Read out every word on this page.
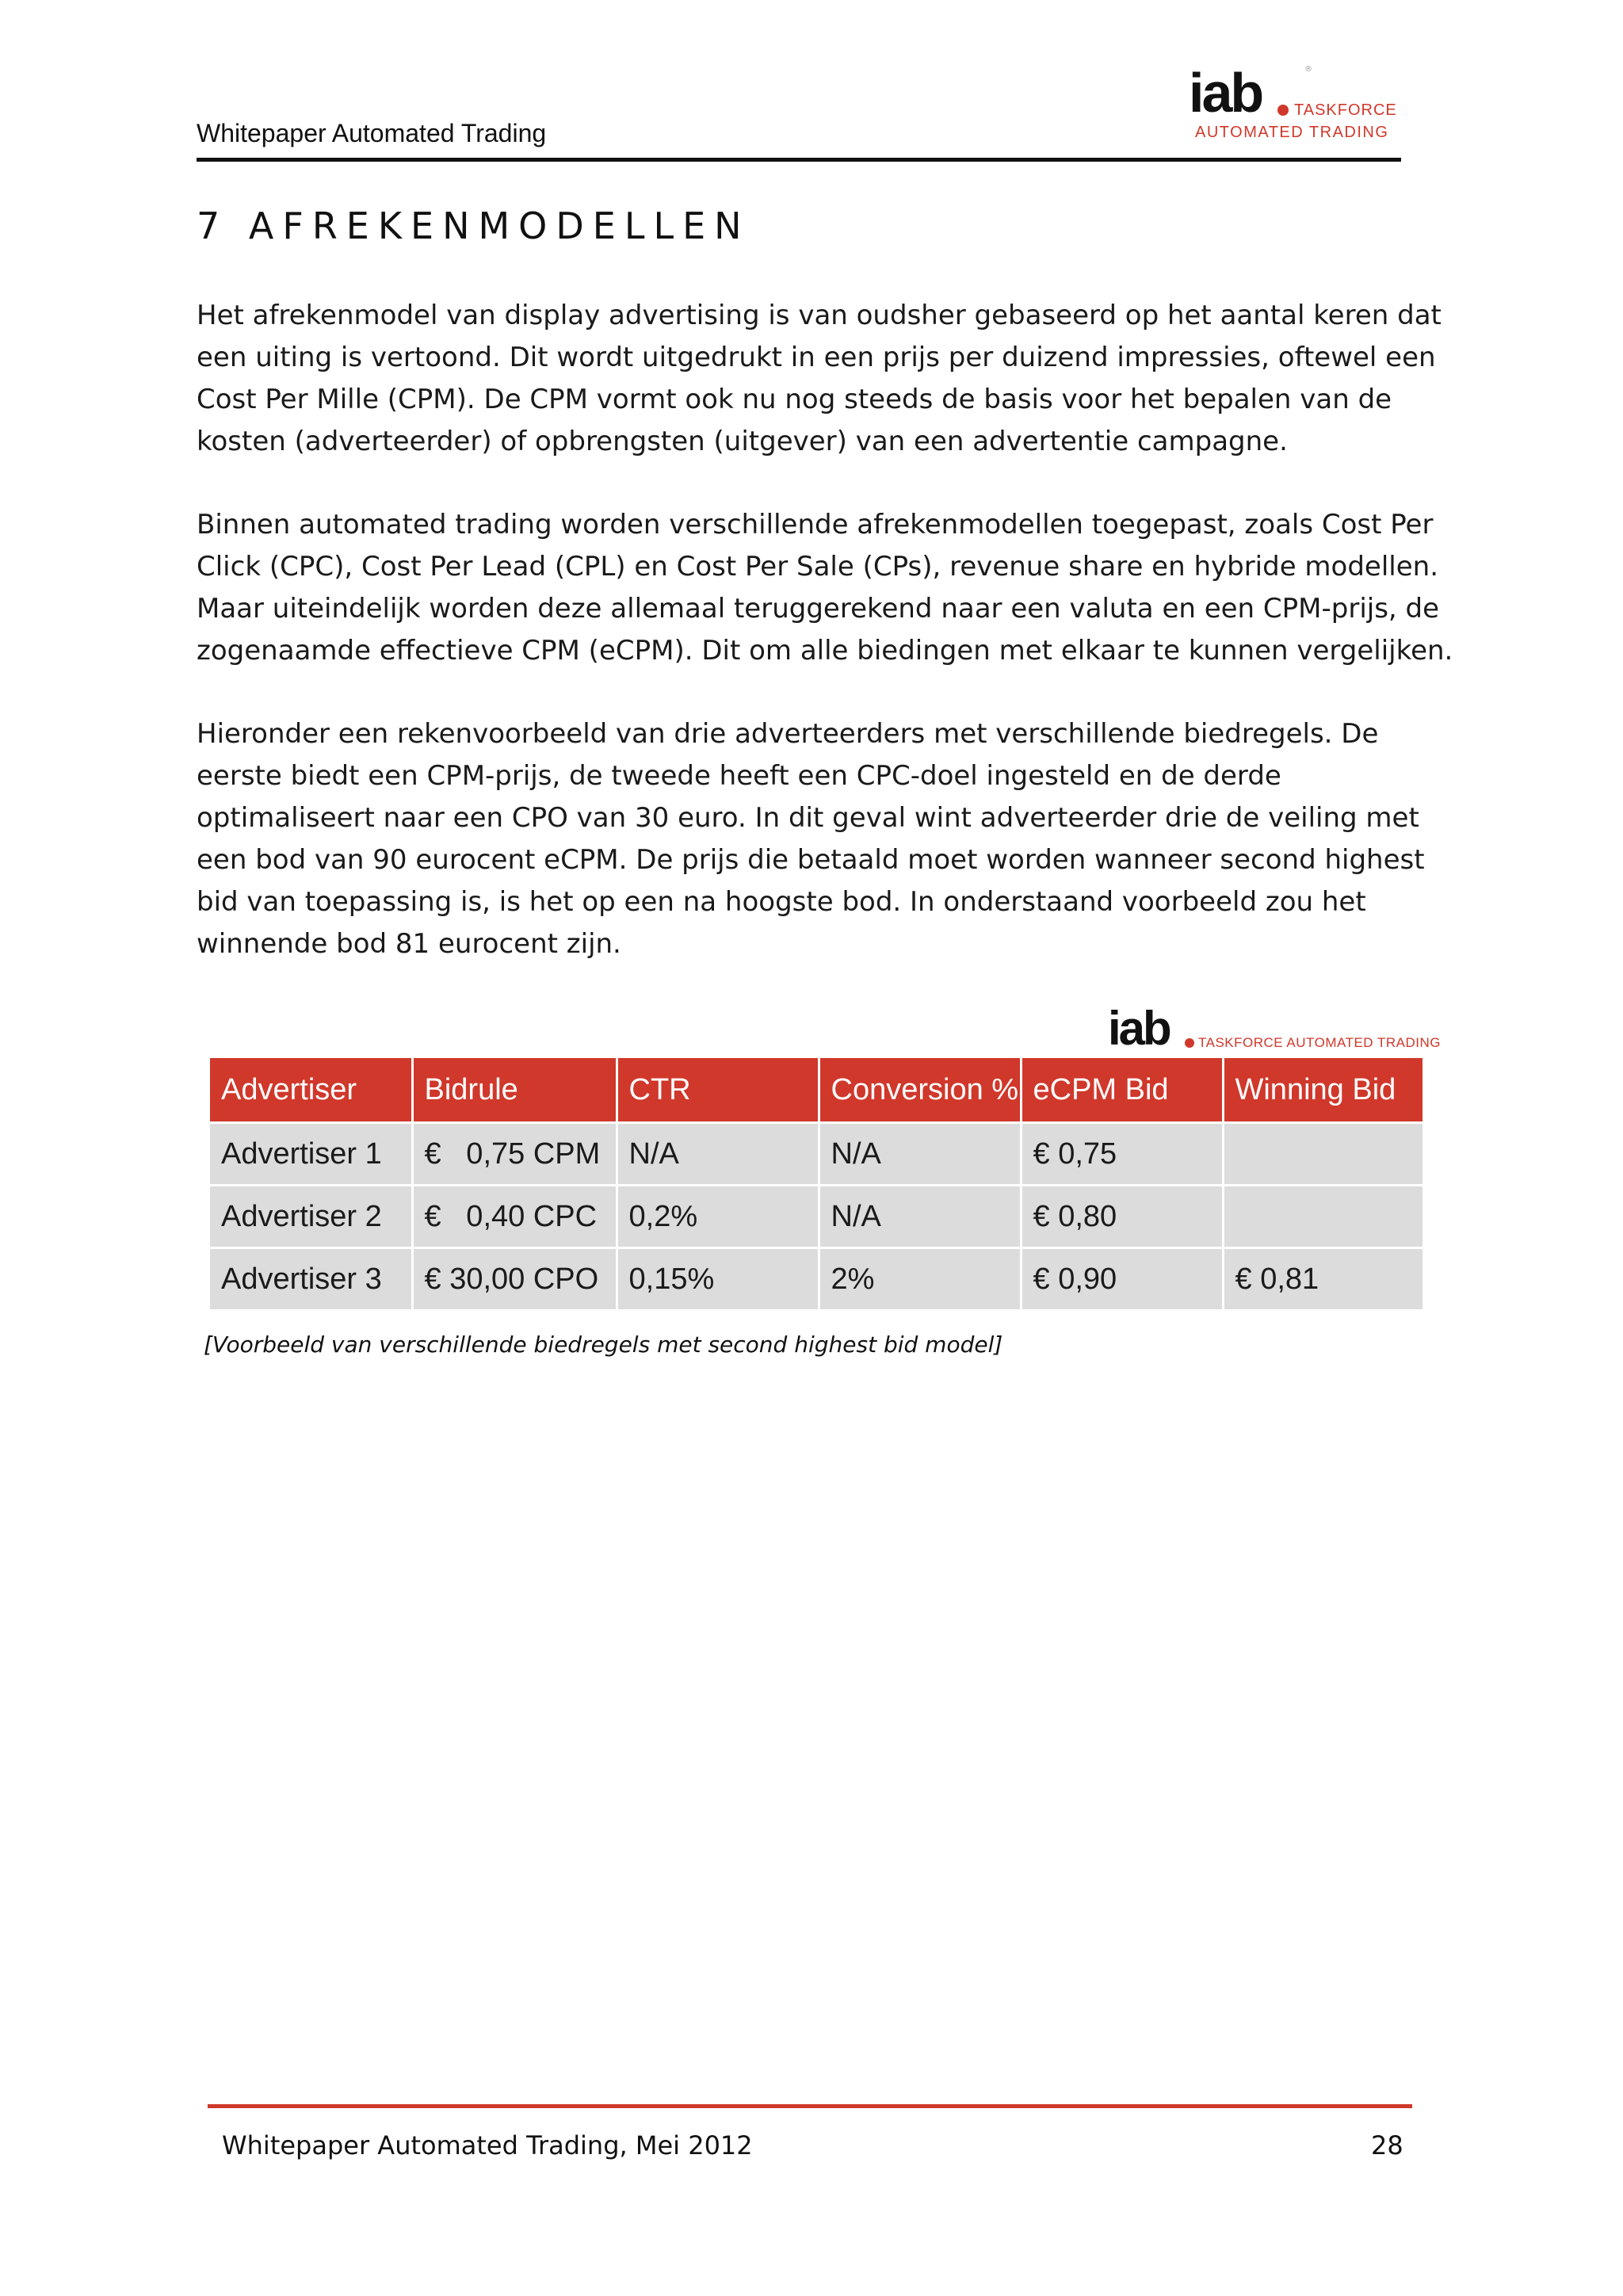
Whitepaper Automated Trading
iab	®
TASKFORCE
AUTOMATED TRADING
7 AFREKENMODELLEN
Het afrekenmodel van display advertising is van oudsher gebaseerd op het aantal keren dat
een uiting is vertoond. Dit wordt uitgedrukt in een prijs per duizend impressies, oftewel een
Cost Per Mille (CPM). De CPM vormt ook nu nog steeds de basis voor het bepalen van de
kosten (adverteerder) of opbrengsten (uitgever) van een advertentie campagne.
Binnen automated trading worden verschillende afrekenmodellen toegepast, zoals Cost Per
Click (CPC), Cost Per Lead (CPL) en Cost Per Sale (CPs), revenue share en hybride modellen.
Maar uiteindelijk worden deze allemaal teruggerekend naar een valuta en een CPM-prijs, de
zogenaamde effectieve CPM (eCPM). Dit om alle biedingen met elkaar te kunnen vergelijken.
Hieronder een rekenvoorbeeld van drie adverteerders met verschillende biedregels. De
eerste biedt een CPM-prijs, de tweede heeft een CPC-doel ingesteld en de derde
optimaliseert naar een CPO van 30 euro. In dit geval wint adverteerder drie de veiling met
een bod van 90 eurocent eCPM. De prijs die betaald moet worden wanneer second highest
bid van toepassing is, is het op een na hoogste bod. In onderstaand voorbeeld zou het
winnende bod 81 eurocent zijn.
iab TASKFORCE AUTOMATED TRADING
Advertiser	Bidrule	CTR	Conversion %	eCPM Bid	Winning Bid
Advertiser 1	€   0,75 CPM	N/A	N/A	€ 0,75	
Advertiser 2	€   0,40 CPC	0,2%	N/A	€ 0,80	
Advertiser 3	€ 30,00 CPO	0,15%	2%	€ 0,90	€ 0,81
[Voorbeeld van verschillende biedregels met second highest bid model]
Whitepaper Automated Trading, Mei 2012	28
